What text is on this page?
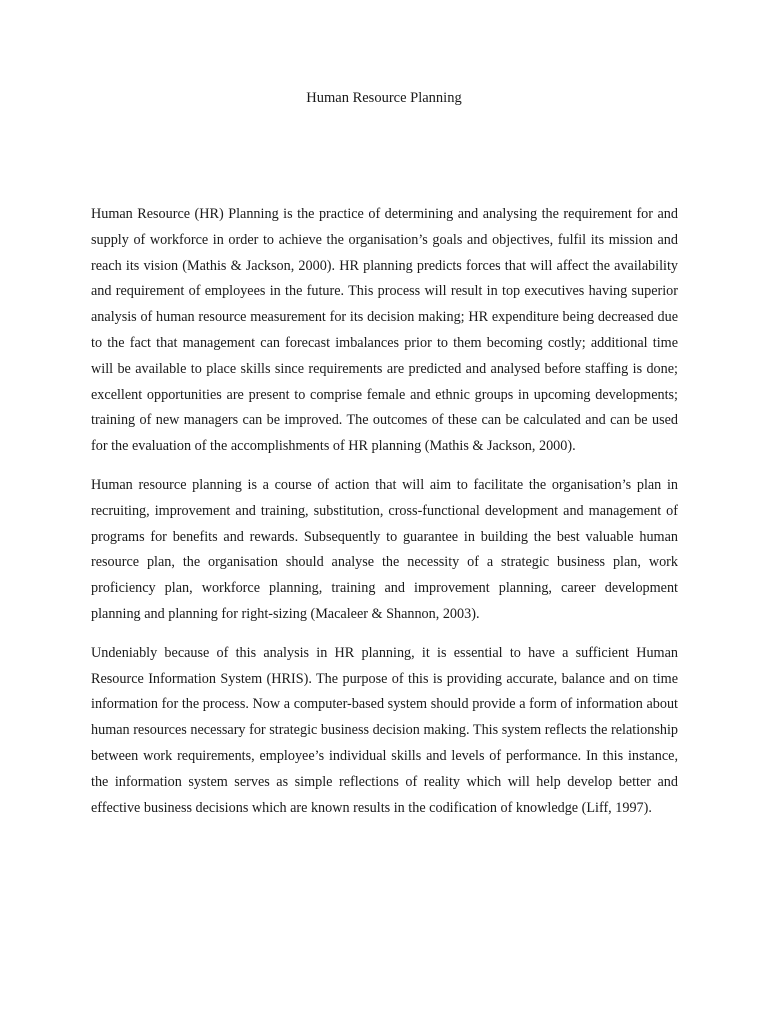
Human Resource Planning

Human Resource (HR) Planning is the practice of determining and analysing the requirement for and supply of workforce in order to achieve the organisation’s goals and objectives, fulfil its mission and reach its vision (Mathis & Jackson, 2000). HR planning predicts forces that will affect the availability and requirement of employees in the future. This process will result in top executives having superior analysis of human resource measurement for its decision making; HR expenditure being decreased due to the fact that management can forecast imbalances prior to them becoming costly; additional time will be available to place skills since requirements are predicted and analysed before staffing is done; excellent opportunities are present to comprise female and ethnic groups in upcoming developments; training of new managers can be improved. The outcomes of these can be calculated and can be used for the evaluation of the accomplishments of HR planning (Mathis & Jackson, 2000).

Human resource planning is a course of action that will aim to facilitate the organisation’s plan in recruiting, improvement and training, substitution, cross-functional development and management of programs for benefits and rewards. Subsequently to guarantee in building the best valuable human resource plan, the organisation should analyse the necessity of a strategic business plan, work proficiency plan, workforce planning, training and improvement planning, career development planning and planning for right-sizing (Macaleer & Shannon, 2003).

Undeniably because of this analysis in HR planning, it is essential to have a sufficient Human Resource Information System (HRIS). The purpose of this is providing accurate, balance and on time information for the process. Now a computer-based system should provide a form of information about human resources necessary for strategic business decision making. This system reflects the relationship between work requirements, employee’s individual skills and levels of performance. In this instance, the information system serves as simple reflections of reality which will help develop better and effective business decisions which are known results in the codification of knowledge (Liff, 1997).
